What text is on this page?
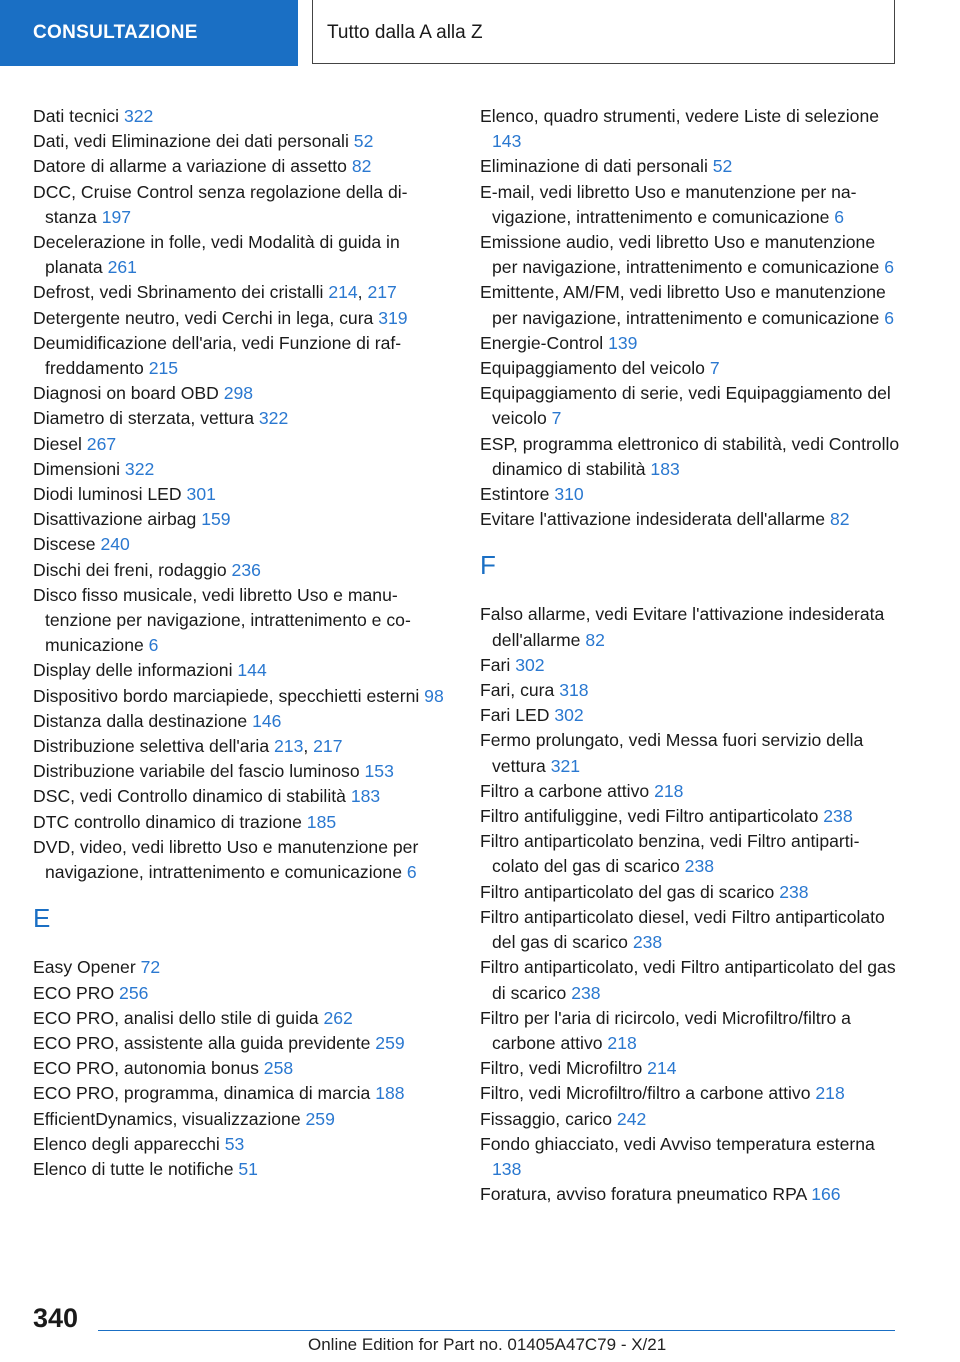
CONSULTAZIONE	Tutto dalla A alla Z

Dati tecnici 322

Dati, vedi Eliminazione dei dati personali 52

Datore di allarme a variazione di assetto 82

DCC, Cruise Control senza regolazione della distanza 197

Decelerazione in folle, vedi Modalità di guida in planata 261

Defrost, vedi Sbrinamento dei cristalli 214, 217

Detergente neutro, vedi Cerchi in lega, cura 319

Deumidificazione dell'aria, vedi Funzione di raffreddamento 215

Diagnosi on board OBD 298

Diametro di sterzata, vettura 322

Diesel 267

Dimensioni 322

Diodi luminosi LED 301

Disattivazione airbag 159

Discese 240

Dischi dei freni, rodaggio 236

Disco fisso musicale, vedi libretto Uso e manutenzione per navigazione, intrattenimento e comunicazione 6

Display delle informazioni 144

Dispositivo bordo marciapiede, specchietti esterni 98

Distanza dalla destinazione 146

Distribuzione selettiva dell'aria 213, 217

Distribuzione variabile del fascio luminoso 153

DSC, vedi Controllo dinamico di stabilità 183

DTC controllo dinamico di trazione 185

DVD, video, vedi libretto Uso e manutenzione per navigazione, intrattenimento e comunicazione 6

E

Easy Opener 72

ECO PRO 256

ECO PRO, analisi dello stile di guida 262

ECO PRO, assistente alla guida previdente 259

ECO PRO, autonomia bonus 258

ECO PRO, programma, dinamica di marcia 188

EfficientDynamics, visualizzazione 259

Elenco degli apparecchi 53

Elenco di tutte le notifiche 51

Elenco, quadro strumenti, vedere Liste di selezione 143

Eliminazione di dati personali 52

E-mail, vedi libretto Uso e manutenzione per navigazione, intrattenimento e comunicazione 6

Emissione audio, vedi libretto Uso e manutenzione per navigazione, intrattenimento e comunicazione 6

Emittente, AM/FM, vedi libretto Uso e manutenzione per navigazione, intrattenimento e comunicazione 6

Energie-Control 139

Equipaggiamento del veicolo 7

Equipaggiamento di serie, vedi Equipaggiamento del veicolo 7

ESP, programma elettronico di stabilità, vedi Controllo dinamico di stabilità 183

Estintore 310

Evitare l'attivazione indesiderata dell'allarme 82

F

Falso allarme, vedi Evitare l'attivazione indesiderata dell'allarme 82

Fari 302

Fari, cura 318

Fari LED 302

Fermo prolungato, vedi Messa fuori servizio della vettura 321

Filtro a carbone attivo 218

Filtro antifuliggine, vedi Filtro antiparticolato 238

Filtro antiparticolato benzina, vedi Filtro antiparticolato del gas di scarico 238

Filtro antiparticolato del gas di scarico 238

Filtro antiparticolato diesel, vedi Filtro antiparticolato del gas di scarico 238

Filtro antiparticolato, vedi Filtro antiparticolato del gas di scarico 238

Filtro per l'aria di ricircolo, vedi Microfiltro/filtro a carbone attivo 218

Filtro, vedi Microfiltro 214

Filtro, vedi Microfiltro/filtro a carbone attivo 218

Fissaggio, carico 242

Fondo ghiacciato, vedi Avviso temperatura esterna 138

Foratura, avviso foratura pneumatico RPA 166

340
Online Edition for Part no. 01405A47C79 - X/21
